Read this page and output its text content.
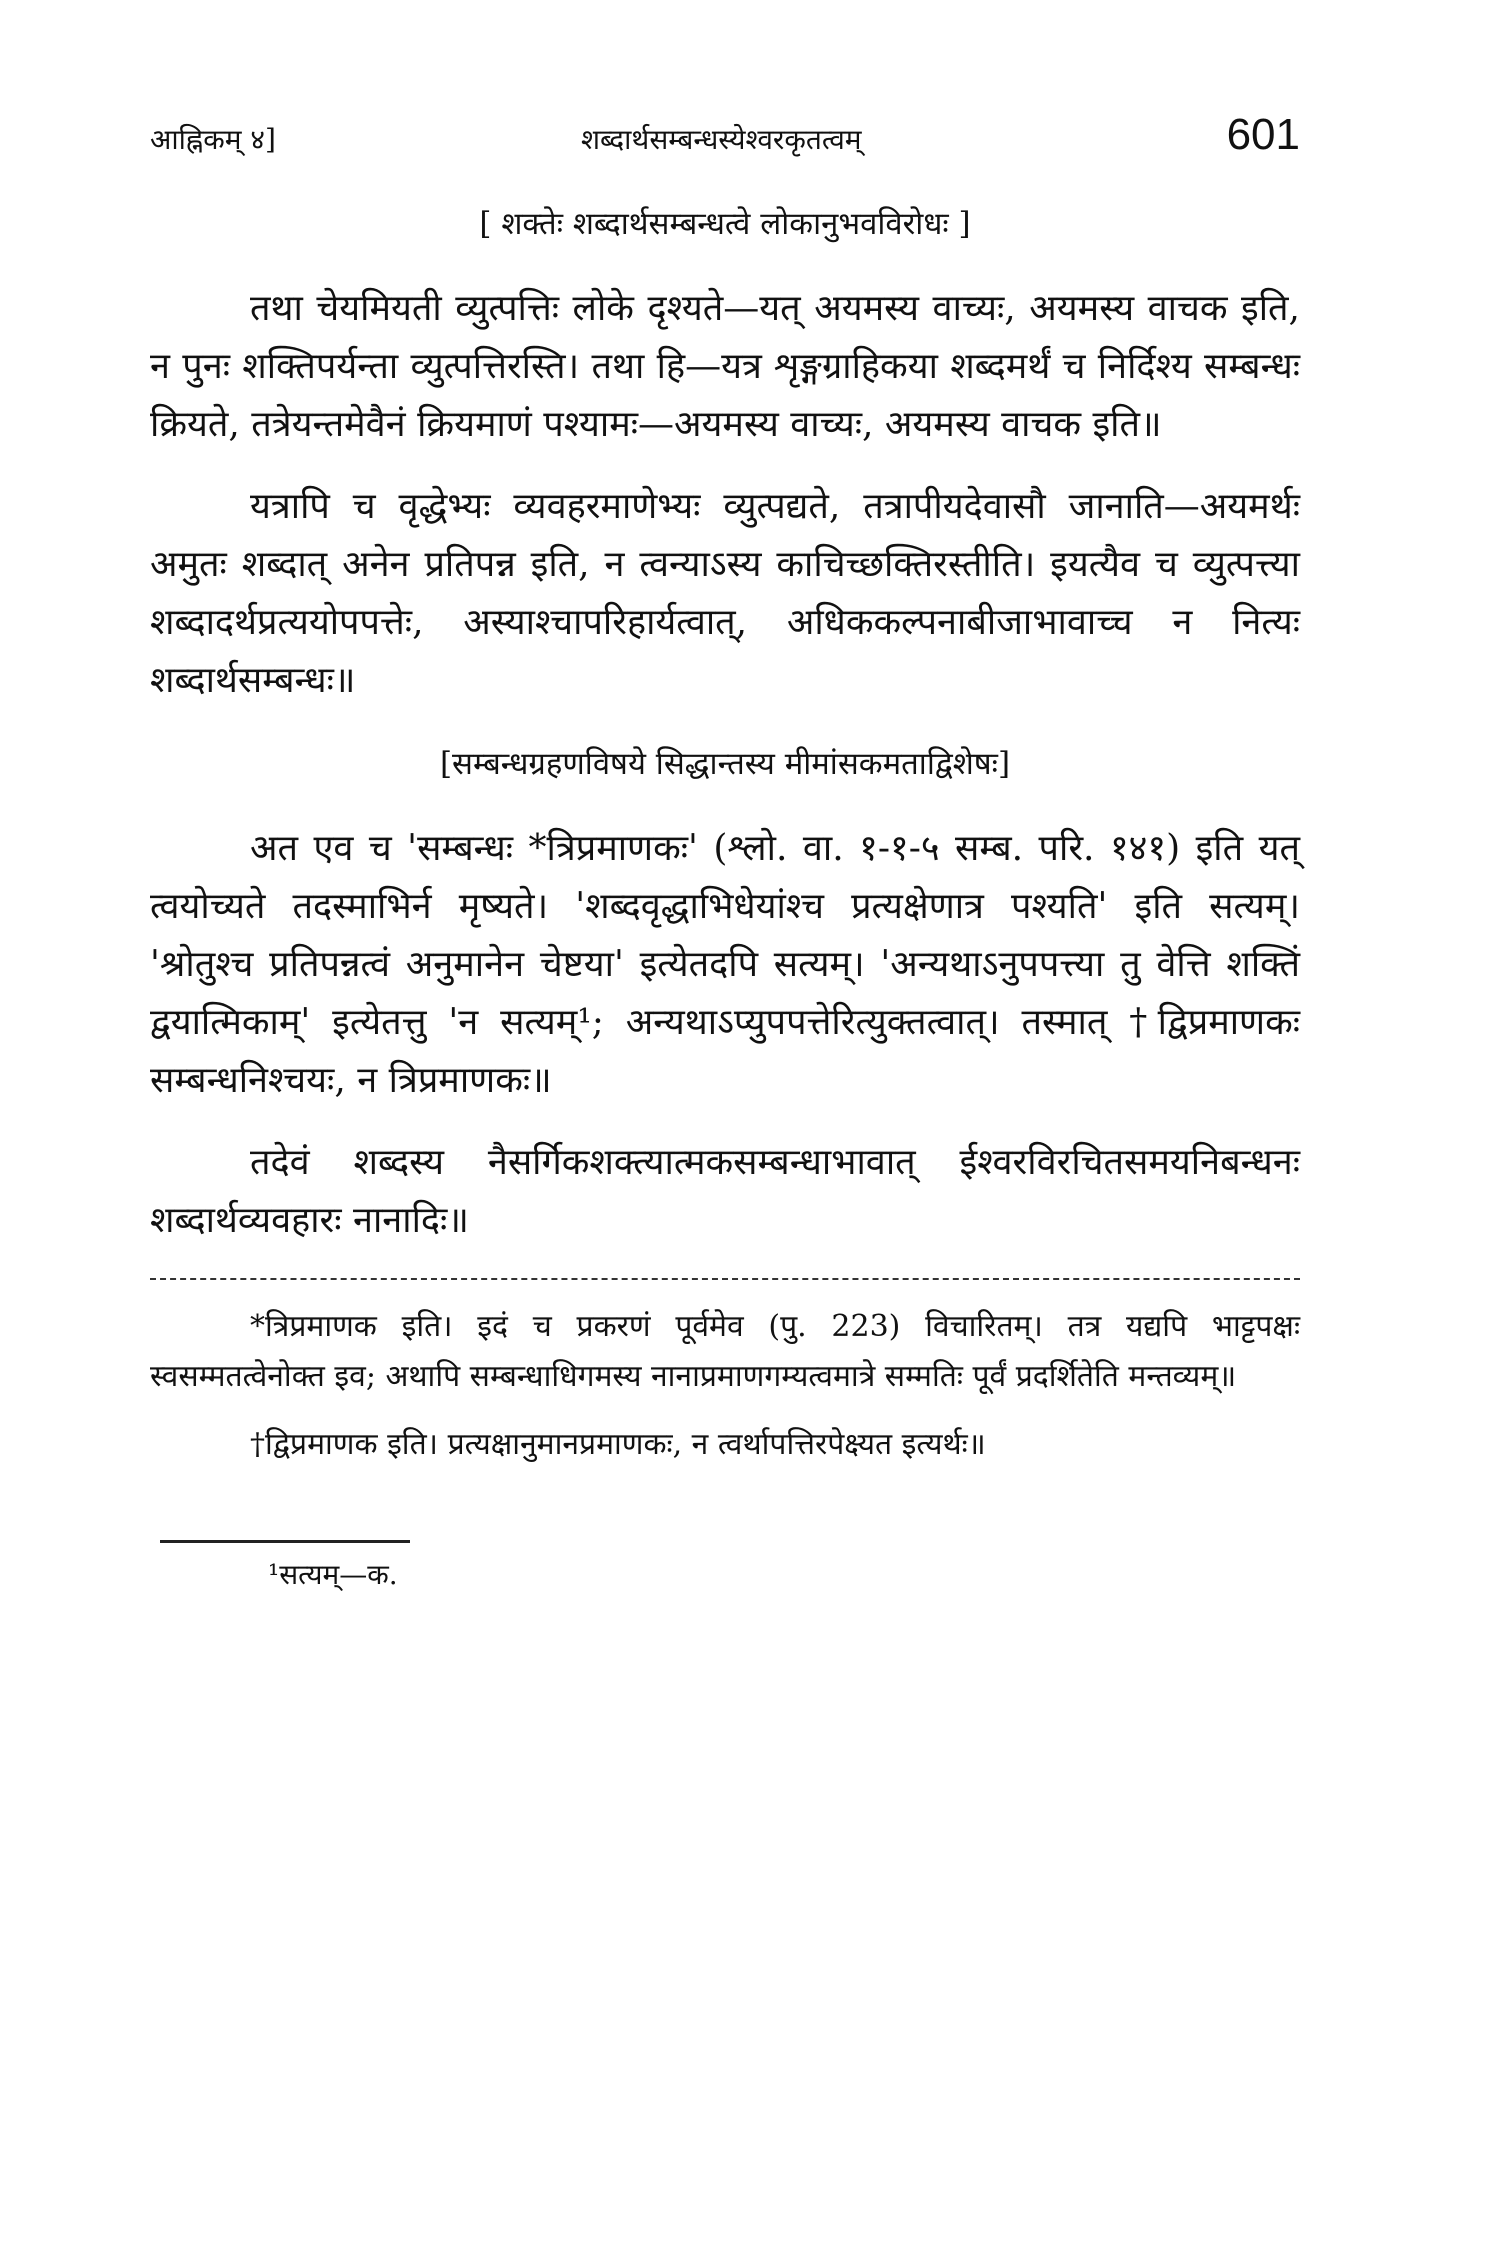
आह्निकम् ४]	शब्दार्थसम्बन्धस्येश्वरकृतत्वम्	601
[ शक्तेः शब्दार्थसम्बन्धत्वे लोकानुभवविरोधः ]

तथा चेयमियती व्युत्पत्तिः लोके दृश्यते—यत् अयमस्य वाच्यः, अयमस्य वाचक इति, न पुनः शक्तिपर्यन्ता व्युत्पत्तिरस्ति। तथा हि—यत्र शृङ्गग्राहिकया शब्दमर्थं च निर्दिश्य सम्बन्धः क्रियते, तत्रेयन्तमेवैनं क्रियमाणं पश्यामः—अयमस्य वाच्यः, अयमस्य वाचक इति॥

यत्रापि च वृद्धेभ्यः व्यवहरमाणेभ्यः व्युत्पद्यते, तत्रापीयदेवासौ जानाति—अयमर्थः अमुतः शब्दात् अनेन प्रतिपन्न इति, न त्वन्याऽस्य काचिच्छक्तिरस्तीति। इयत्यैव च व्युत्पत्त्या शब्दादर्थप्रत्ययोपपत्तेः, अस्याश्चापरिहार्यत्वात्, अधिककल्पनाबीजाभावाच्च न नित्यः शब्दार्थसम्बन्धः॥

[सम्बन्धग्रहणविषये सिद्धान्तस्य मीमांसकमताद्विशेषः]

अत एव च 'सम्बन्धः *त्रिप्रमाणकः' (श्लो. वा. १-१-५ सम्ब. परि. १४१) इति यत् त्वयोच्यते तदस्माभिर्न मृष्यते। 'शब्दवृद्धाभिधेयांश्च प्रत्यक्षेणात्र पश्यति' इति सत्यम्। 'श्रोतुश्च प्रतिपन्नत्वं अनुमानेन चेष्टया' इत्येतदपि सत्यम्। 'अन्यथाऽनुपपत्त्या तु वेत्ति शक्तिं द्वयात्मिकाम्' इत्येतत्तु 'न सत्यम्¹; अन्यथाऽप्युपपत्तेरित्युक्तत्वात्। तस्मात् †द्विप्रमाणकः सम्बन्धनिश्चयः, न त्रिप्रमाणकः॥

तदेवं शब्दस्य नैसर्गिकशक्त्यात्मकसम्बन्धाभावात् ईश्वरविरचितसमयनिबन्धनः शब्दार्थव्यवहारः नानादिः॥

*त्रिप्रमाणक इति। इदं च प्रकरणं पूर्वमेव (पु. 223) विचारितम्। तत्र यद्यपि भाट्टपक्षः स्वसम्मतत्वेनोक्त इव; अथापि सम्बन्धाधिगमस्य नानाप्रमाणगम्यत्वमात्रे सम्मतिः पूर्वं प्रदर्शितेति मन्तव्यम्॥

†द्विप्रमाणक इति। प्रत्यक्षानुमानप्रमाणकः, न त्वर्थापत्तिरपेक्ष्यत इत्यर्थः॥

¹सत्यम्—क.
